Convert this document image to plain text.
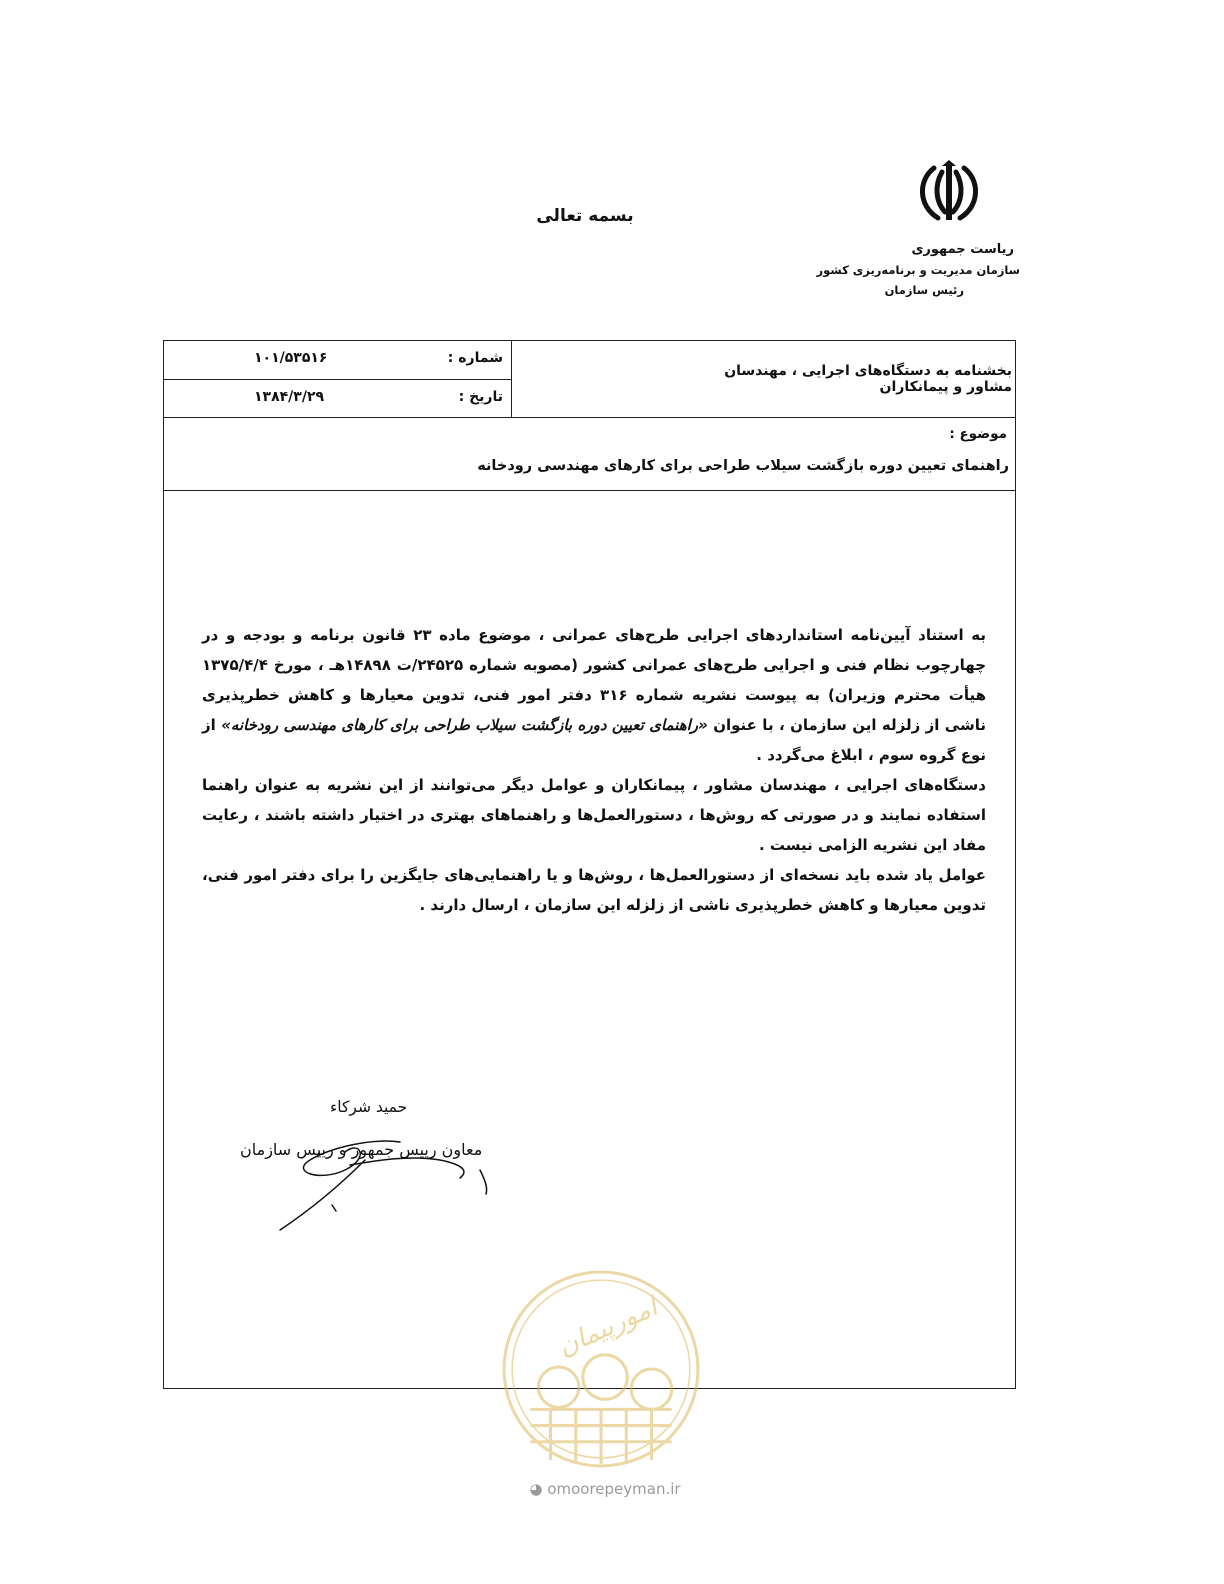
بسمه تعالی
ریاست جمهوری
سازمان مدیریت و برنامه‌ریزی کشور
رئیس سازمان
بخشنامه به دستگاه‌های اجرایی ، مهندسان مشاور و پیمانکاران
شماره :
۱۰۱/۵۳۵۱۶
تاریخ :
۱۳۸۴/۳/۲۹
موضوع :
راهنمای تعیین دوره بازگشت سیلاب طراحی برای کارهای مهندسی رودخانه

به استناد آیین‌نامه استانداردهای اجرایی طرح‌های عمرانی ، موضوع ماده ۲۳ قانون برنامه و بودجه و در چهارچوب نظام فنی و اجرایی طرح‌های عمرانی کشور (مصوبه شماره ۲۴۵۲۵/ت ۱۴۸۹۸هـ ، مورخ ۱۳۷۵/۴/۴ هیأت محترم وزیران) به پیوست نشریه شماره ۳۱۶ دفتر امور فنی، تدوین معیارها و کاهش خطرپذیری ناشی از زلزله این سازمان ، با عنوان «راهنمای تعیین دوره بازگشت سیلاب طراحی برای کارهای مهندسی رودخانه» از نوع گروه سوم ، ابلاغ می‌گردد .

دستگاه‌های اجرایی ، مهندسان مشاور ، پیمانکاران و عوامل دیگر می‌توانند از این نشریه به عنوان راهنما استفاده نمایند و در صورتی که روش‌ها ، دستورالعمل‌ها و راهنماهای بهتری در اختیار داشته باشند ، رعایت مفاد این نشریه الزامی نیست .

عوامل یاد شده باید نسخه‌ای از دستورالعمل‌ها ، روش‌ها و یا راهنمایی‌های جایگزین را برای دفتر امور فنی، تدوین معیارها و کاهش خطرپذیری ناشی از زلزله این سازمان ، ارسال دارند .

حمید شرکاء
معاون رییس جمهور و رییس سازمان
امورپیمان
◕ omoorepeyman.ir
